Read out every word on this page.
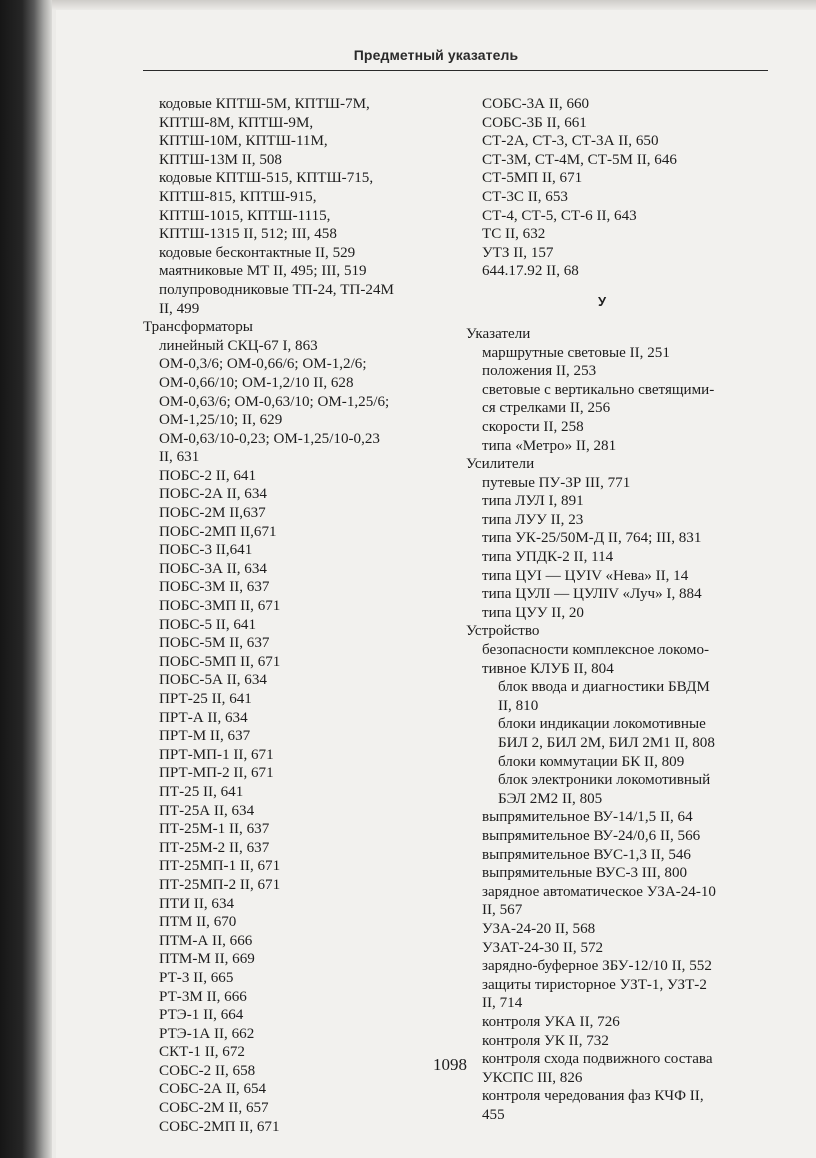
Предметный указатель
кодовые КПТШ-5М, КПТШ-7М,
КПТШ-8М, КПТШ-9М,
КПТШ-10М, КПТШ-11М,
КПТШ-13М II, 508
кодовые КПТШ-515, КПТШ-715,
КПТШ-815, КПТШ-915,
КПТШ-1015, КПТШ-1115,
КПТШ-1315 II, 512; III, 458
кодовые бесконтактные II, 529
маятниковые МТ II, 495; III, 519
полупроводниковые ТП-24, ТП-24М
II, 499
Трансформаторы
линейный СКЦ-67 I, 863
ОМ-0,3/6; ОМ-0,66/6; ОМ-1,2/6;
ОМ-0,66/10; ОМ-1,2/10 II, 628
ОМ-0,63/6; ОМ-0,63/10; ОМ-1,25/6;
ОМ-1,25/10; II, 629
ОМ-0,63/10-0,23; ОМ-1,25/10-0,23
II, 631
ПОБС-2 II, 641
ПОБС-2А II, 634
ПОБС-2М II,637
ПОБС-2МП II,671
ПОБС-3 II,641
ПОБС-3А II, 634
ПОБС-3М II, 637
ПОБС-3МП II, 671
ПОБС-5 II, 641
ПОБС-5М II, 637
ПОБС-5МП II, 671
ПОБС-5А II, 634
ПРТ-25 II, 641
ПРТ-А II, 634
ПРТ-М II, 637
ПРТ-МП-1 II, 671
ПРТ-МП-2 II, 671
ПТ-25 II, 641
ПТ-25А II, 634
ПТ-25М-1 II, 637
ПТ-25М-2 II, 637
ПТ-25МП-1 II, 671
ПТ-25МП-2 II, 671
ПТИ II, 634
ПТМ II, 670
ПТМ-А II, 666
ПТМ-М II, 669
РТ-3 II, 665
РТ-3М II, 666
РТЭ-1 II, 664
РТЭ-1А II, 662
СКТ-1 II, 672
СОБС-2 II, 658
СОБС-2А II, 654
СОБС-2М II, 657
СОБС-2МП II, 671
СОБС-3А II, 660
СОБС-3Б II, 661
СТ-2А, СТ-3, СТ-3А II, 650
СТ-3М, СТ-4М, СТ-5М II, 646
СТ-5МП II, 671
СТ-3С II, 653
СТ-4, СТ-5, СТ-6 II, 643
ТС II, 632
УТЗ II, 157
644.17.92 II, 68
У
Указатели
маршрутные световые II, 251
положения II, 253
световые с вертикально светящими-
ся стрелками II, 256
скорости II, 258
типа «Метро» II, 281
Усилители
путевые ПУ-3Р III, 771
типа ЛУЛ I, 891
типа ЛУУ II, 23
типа УК-25/50М-Д II, 764; III, 831
типа УПДК-2 II, 114
типа ЦУI — ЦУIV «Нева» II, 14
типа ЦУЛI — ЦУЛIV «Луч» I, 884
типа ЦУУ II, 20
Устройство
безопасности комплексное локомо-
тивное КЛУБ II, 804
блок ввода и диагностики БВДМ
II, 810
блоки индикации локомотивные
БИЛ 2, БИЛ 2М, БИЛ 2М1 II, 808
блоки коммутации БК II, 809
блок электроники локомотивный
БЭЛ 2М2 II, 805
выпрямительное ВУ-14/1,5 II, 64
выпрямительное ВУ-24/0,6 II, 566
выпрямительное ВУС-1,3 II, 546
выпрямительные ВУС-3 III, 800
зарядное автоматическое УЗА-24-10
II, 567
УЗА-24-20 II, 568
УЗАТ-24-30 II, 572
зарядно-буферное ЗБУ-12/10 II, 552
защиты тиристорное УЗТ-1, УЗТ-2
II, 714
контроля УКА II, 726
контроля УК II, 732
контроля схода подвижного состава
УКСПС III, 826
контроля чередования фаз КЧФ II,
455
1098
